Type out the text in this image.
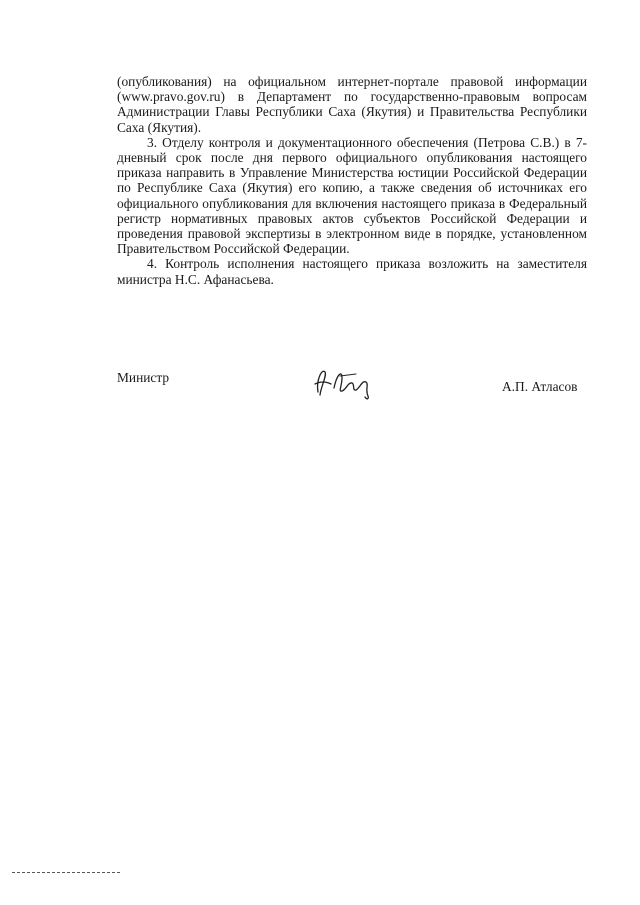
(опубликования) на официальном интернет-портале правовой информации (www.pravo.gov.ru) в Департамент по государственно-правовым вопросам Администрации Главы Республики Саха (Якутия) и Правительства Республики Саха (Якутия).

3. Отделу контроля и документационного обеспечения (Петрова С.В.) в 7-дневный срок после дня первого официального опубликования настоящего приказа направить в Управление Министерства юстиции Российской Федерации по Республике Саха (Якутия) его копию, а также сведения об источниках его официального опубликования для включения настоящего приказа в Федеральный регистр нормативных правовых актов субъектов Российской Федерации и проведения правовой экспертизы в электронном виде в порядке, установленном Правительством Российской Федерации.

4. Контроль исполнения настоящего приказа возложить на заместителя министра Н.С. Афанасьева.

Министр
А.П. Атласов
